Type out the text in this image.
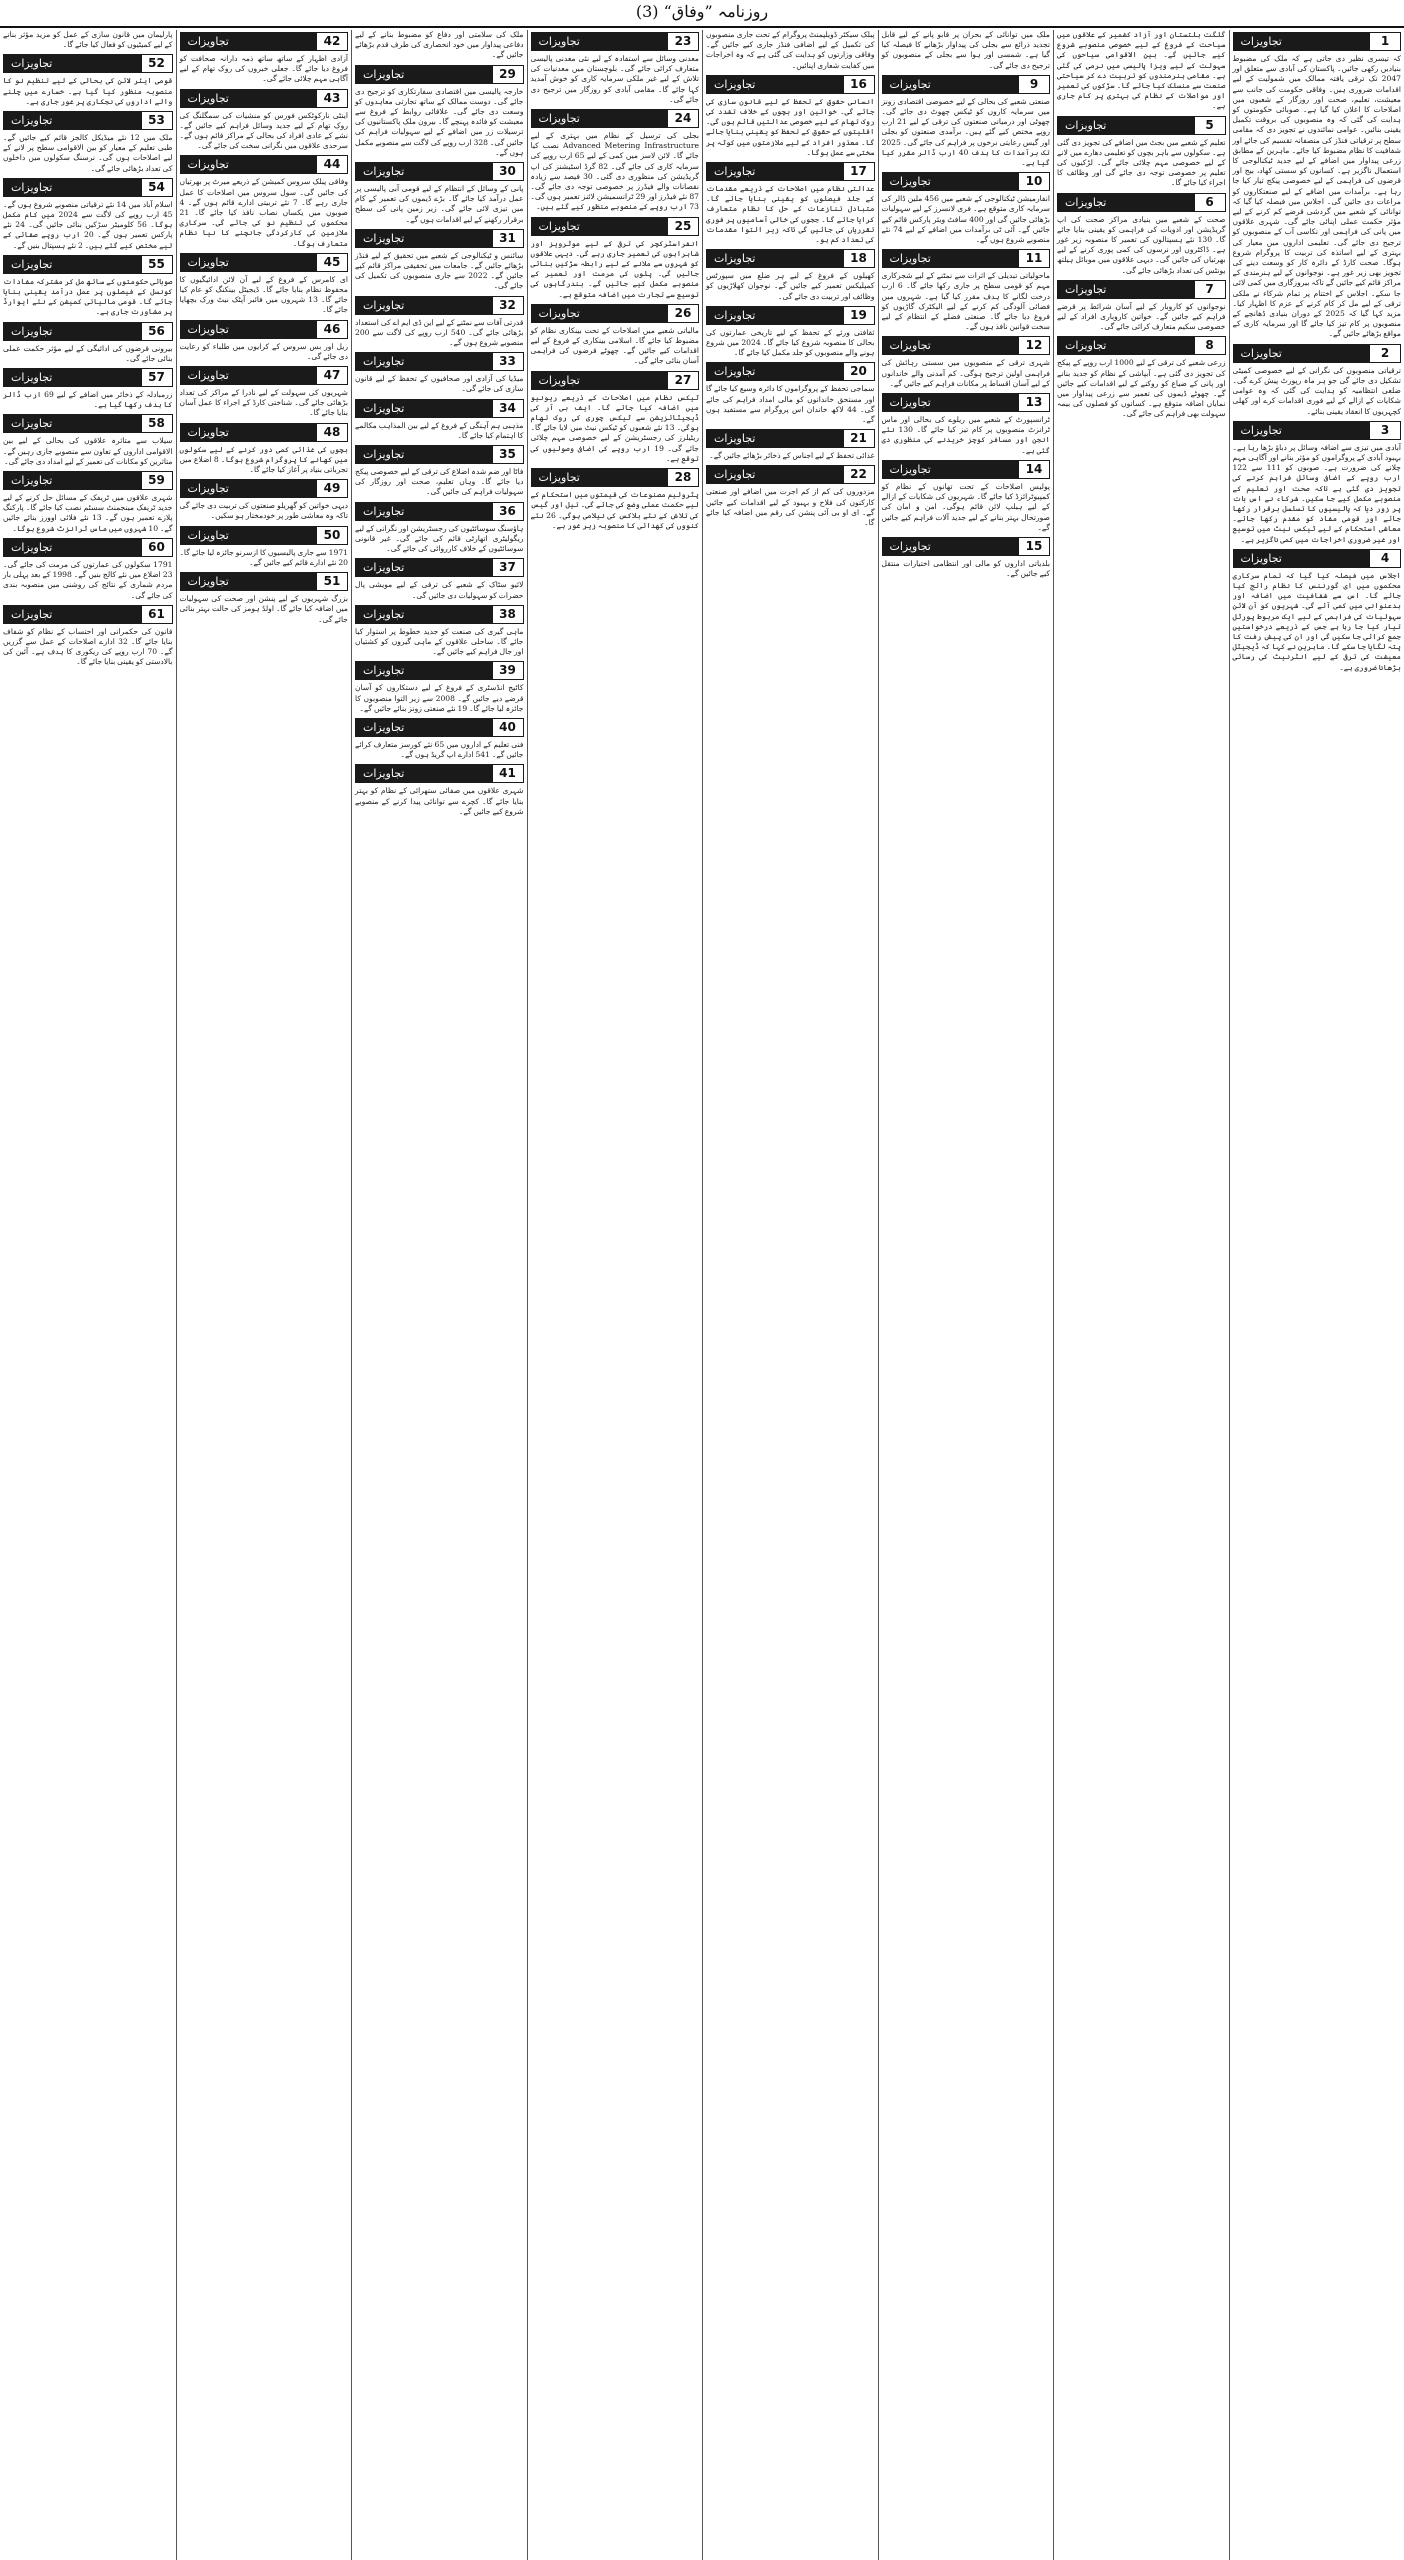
روزنامہ ”وفاق“ (3)
1
تجاویزات

کہ تیسری نظیر دی جاتی ہے کہ ملک کی مضبوط بنیادیں رکھی جائیں۔ پاکستان کی آبادی سے متعلق اور 2047 تک ترقی یافتہ ممالک میں شمولیت کے لیے اقدامات ضروری ہیں۔ وفاقی حکومت کی جانب سے معیشت، تعلیم، صحت اور روزگار کے شعبوں میں اصلاحات کا اعلان کیا گیا ہے۔ صوبائی حکومتوں کو ہدایت کی گئی کہ وہ منصوبوں کی بروقت تکمیل یقینی بنائیں۔ عوامی نمائندوں نے تجویز دی کہ مقامی سطح پر ترقیاتی فنڈز کی منصفانہ تقسیم کی جائے اور شفافیت کا نظام مضبوط کیا جائے۔ ماہرین کے مطابق زرعی پیداوار میں اضافے کے لیے جدید ٹیکنالوجی کا استعمال ناگزیر ہے۔ کسانوں کو سستی کھاد، بیج اور قرضوں کی فراہمی کے لیے خصوصی پیکج تیار کیا جا رہا ہے۔ برآمدات میں اضافے کے لیے صنعتکاروں کو مراعات دی جائیں گی۔ اجلاس میں فیصلہ کیا گیا کہ توانائی کے شعبے میں گردشی قرضے کم کرنے کے لیے مؤثر حکمت عملی اپنائی جائے گی۔ شہری علاقوں میں پانی کی فراہمی اور نکاسی آب کے منصوبوں کو ترجیح دی جائے گی۔ تعلیمی اداروں میں معیار کی بہتری کے لیے اساتذہ کی تربیت کا پروگرام شروع ہوگا۔ صحت کارڈ کے دائرہ کار کو وسعت دینے کی تجویز بھی زیر غور ہے۔ نوجوانوں کے لیے ہنرمندی کے مراکز قائم کیے جائیں گے تاکہ بیروزگاری میں کمی لائی جا سکے۔ اجلاس کے اختتام پر تمام شرکاء نے ملکی ترقی کے لیے مل کر کام کرنے کے عزم کا اظہار کیا۔ مزید کہا گیا کہ 2025 کے دوران بنیادی ڈھانچے کے منصوبوں پر کام تیز کیا جائے گا اور سرمایہ کاری کے مواقع بڑھائے جائیں گے۔

2
تجاویزات

ترقیاتی منصوبوں کی نگرانی کے لیے خصوصی کمیٹی تشکیل دی جائے گی جو ہر ماہ رپورٹ پیش کرے گی۔ ضلعی انتظامیہ کو ہدایت کی گئی کہ وہ عوامی شکایات کے ازالے کے لیے فوری اقدامات کرے اور کھلی کچہریوں کا انعقاد یقینی بنائے۔

3
تجاویزات

آبادی میں تیزی سے اضافہ وسائل پر دباؤ بڑھا رہا ہے۔ بہبود آبادی کے پروگراموں کو مؤثر بنانے اور آگاہی مہم چلانے کی ضرورت ہے۔ صوبوں کو 111 سے 122 ارب روپے کے اضافی وسائل فراہم کرنے کی تجویز دی گئی ہے تاکہ صحت اور تعلیم کے منصوبے مکمل کیے جا سکیں۔ شرکاء نے اس بات پر زور دیا کہ پالیسیوں کا تسلسل برقرار رکھا جائے اور قومی مفاد کو مقدم رکھا جائے۔ معاشی استحکام کے لیے ٹیکس نیٹ میں توسیع اور غیر ضروری اخراجات میں کمی ناگزیر ہے۔

4
تجاویزات

اجلاس میں فیصلہ کیا گیا کہ تمام سرکاری محکموں میں ای گورننس کا نظام رائج کیا جائے گا۔ اس سے شفافیت میں اضافہ اور بدعنوانی میں کمی آئے گی۔ شہریوں کو آن لائن سہولیات کی فراہمی کے لیے ایک مربوط پورٹل تیار کیا جا رہا ہے جس کے ذریعے درخواستیں جمع کرائی جا سکیں گی اور ان کی پیش رفت کا پتہ لگایا جا سکے گا۔ ماہرین نے کہا کہ ڈیجیٹل معیشت کی ترقی کے لیے انٹرنیٹ کی رسائی بڑھانا ضروری ہے۔

گلگت بلتستان اور آزاد کشمیر کے علاقوں میں سیاحت کے فروغ کے لیے خصوصی منصوبے شروع کیے جائیں گے۔ بین الاقوامی سیاحوں کی سہولت کے لیے ویزا پالیسی میں نرمی کی گئی ہے۔ مقامی ہنرمندوں کو تربیت دے کر سیاحتی صنعت سے منسلک کیا جائے گا۔ سڑکوں کی تعمیر اور مواصلات کے نظام کی بہتری پر کام جاری ہے۔

5
تجاویزات

تعلیم کے شعبے میں بجٹ میں اضافے کی تجویز دی گئی ہے۔ سکولوں سے باہر بچوں کو تعلیمی دھارے میں لانے کے لیے خصوصی مہم چلائی جائے گی۔ لڑکیوں کی تعلیم پر خصوصی توجہ دی جائے گی اور وظائف کا اجراء کیا جائے گا۔

6
تجاویزات

صحت کے شعبے میں بنیادی مراکز صحت کی اپ گریڈیشن اور ادویات کی فراہمی کو یقینی بنایا جائے گا۔ 130 نئے ہسپتالوں کی تعمیر کا منصوبہ زیر غور ہے۔ ڈاکٹروں اور نرسوں کی کمی پوری کرنے کے لیے بھرتیاں کی جائیں گی۔ دیہی علاقوں میں موبائل ہیلتھ یونٹس کی تعداد بڑھائی جائے گی۔

7
تجاویزات

نوجوانوں کو کاروبار کے لیے آسان شرائط پر قرضے فراہم کیے جائیں گے۔ خواتین کاروباری افراد کے لیے خصوصی سکیم متعارف کرائی جائے گی۔

8
تجاویزات

زرعی شعبے کی ترقی کے لیے 1000 ارب روپے کے پیکج کی تجویز دی گئی ہے۔ آبپاشی کے نظام کو جدید بنانے اور پانی کے ضیاع کو روکنے کے لیے اقدامات کیے جائیں گے۔ چھوٹے ڈیموں کی تعمیر سے زرعی پیداوار میں نمایاں اضافہ متوقع ہے۔ کسانوں کو فصلوں کی بیمہ سہولت بھی فراہم کی جائے گی۔

ملک میں توانائی کے بحران پر قابو پانے کے لیے قابل تجدید ذرائع سے بجلی کی پیداوار بڑھانے کا فیصلہ کیا گیا ہے۔ شمسی اور ہوا سے بجلی کے منصوبوں کو ترجیح دی جائے گی۔

9
تجاویزات

صنعتی شعبے کی بحالی کے لیے خصوصی اقتصادی زونز میں سرمایہ کاروں کو ٹیکس چھوٹ دی جائے گی۔ چھوٹی اور درمیانی صنعتوں کی ترقی کے لیے 21 ارب روپے مختص کیے گئے ہیں۔ برآمدی صنعتوں کو بجلی اور گیس رعایتی نرخوں پر فراہم کی جائے گی۔ 2025 تک برآمدات کا ہدف 40 ارب ڈالر مقرر کیا گیا ہے۔

10
تجاویزات

انفارمیشن ٹیکنالوجی کے شعبے میں 456 ملین ڈالر کی سرمایہ کاری متوقع ہے۔ فری لانسرز کے لیے سہولیات بڑھائی جائیں گی اور 400 سافٹ ویئر پارکس قائم کیے جائیں گے۔ آئی ٹی برآمدات میں اضافے کے لیے 74 نئے منصوبے شروع ہوں گے۔

11
تجاویزات

ماحولیاتی تبدیلی کے اثرات سے نمٹنے کے لیے شجرکاری مہم کو قومی سطح پر جاری رکھا جائے گا۔ 6 ارب درخت لگانے کا ہدف مقرر کیا گیا ہے۔ شہروں میں فضائی آلودگی کم کرنے کے لیے الیکٹرک گاڑیوں کو فروغ دیا جائے گا۔ صنعتی فضلے کے انتظام کے لیے سخت قوانین نافذ ہوں گے۔

12
تجاویزات

شہری ترقی کے منصوبوں میں سستی رہائش کی فراہمی اولین ترجیح ہوگی۔ کم آمدنی والے خاندانوں کے لیے آسان اقساط پر مکانات فراہم کیے جائیں گے۔

13
تجاویزات

ٹرانسپورٹ کے شعبے میں ریلوے کی بحالی اور ماس ٹرانزٹ منصوبوں پر کام تیز کیا جائے گا۔ 130 نئے انجن اور مسافر کوچز خریدنے کی منظوری دی گئی ہے۔

14
تجاویزات

پولیس اصلاحات کے تحت تھانوں کے نظام کو کمپیوٹرائزڈ کیا جائے گا۔ شہریوں کی شکایات کے ازالے کے لیے ہیلپ لائن قائم ہوگی۔ امن و امان کی صورتحال بہتر بنانے کے لیے جدید آلات فراہم کیے جائیں گے۔

15
تجاویزات

بلدیاتی اداروں کو مالی اور انتظامی اختیارات منتقل کیے جائیں گے۔

پبلک سیکٹر ڈویلپمنٹ پروگرام کے تحت جاری منصوبوں کی تکمیل کے لیے اضافی فنڈز جاری کیے جائیں گے۔ وفاقی وزارتوں کو ہدایت کی گئی ہے کہ وہ اخراجات میں کفایت شعاری اپنائیں۔

16
تجاویزات

انسانی حقوق کے تحفظ کے لیے قانون سازی کی جائے گی۔ خواتین اور بچوں کے خلاف تشدد کی روک تھام کے لیے خصوصی عدالتیں قائم ہوں گی۔ اقلیتوں کے حقوق کے تحفظ کو یقینی بنایا جائے گا۔ معذور افراد کے لیے ملازمتوں میں کوٹہ پر سختی سے عمل ہوگا۔

17
تجاویزات

عدالتی نظام میں اصلاحات کے ذریعے مقدمات کے جلد فیصلوں کو یقینی بنایا جائے گا۔ متبادل تنازعات کے حل کا نظام متعارف کرایا جائے گا۔ ججوں کی خالی آسامیوں پر فوری تقرریاں کی جائیں گی تاکہ زیر التوا مقدمات کی تعداد کم ہو۔

18
تجاویزات

کھیلوں کے فروغ کے لیے ہر ضلع میں سپورٹس کمپلیکس تعمیر کیے جائیں گے۔ نوجوان کھلاڑیوں کو وظائف اور تربیت دی جائے گی۔

19
تجاویزات

ثقافتی ورثے کے تحفظ کے لیے تاریخی عمارتوں کی بحالی کا منصوبہ شروع کیا جائے گا۔ 2024 میں شروع ہونے والے منصوبوں کو جلد مکمل کیا جائے گا۔

20
تجاویزات

سماجی تحفظ کے پروگراموں کا دائرہ وسیع کیا جائے گا اور مستحق خاندانوں کو مالی امداد فراہم کی جائے گی۔ 44 لاکھ خاندان اس پروگرام سے مستفید ہوں گے۔

21
تجاویزات

غذائی تحفظ کے لیے اجناس کے ذخائر بڑھائے جائیں گے۔

22
تجاویزات

مزدوروں کی کم از کم اجرت میں اضافے اور صنعتی کارکنوں کی فلاح و بہبود کے لیے اقدامات کیے جائیں گے۔ ای او بی آئی پنشن کی رقم میں اضافہ کیا جائے گا۔

23
تجاویزات

معدنی وسائل سے استفادہ کے لیے نئی معدنی پالیسی متعارف کرائی جائے گی۔ بلوچستان میں معدنیات کی تلاش کے لیے غیر ملکی سرمایہ کاری کو خوش آمدید کہا جائے گا۔ مقامی آبادی کو روزگار میں ترجیح دی جائے گی۔

24
تجاویزات

بجلی کی ترسیل کے نظام میں بہتری کے لیے Advanced Metering Infrastructure نصب کیا جائے گا۔ لائن لاسز میں کمی کے لیے 65 ارب روپے کی سرمایہ کاری کی جائے گی۔ 82 گرڈ اسٹیشنز کی اپ گریڈیشن کی منظوری دی گئی۔ 30 فیصد سے زیادہ نقصانات والے فیڈرز پر خصوصی توجہ دی جائے گی۔ 87 نئے فیڈرز اور 29 ٹرانسمیشن لائنز تعمیر ہوں گی۔ 73 ارب روپے کے منصوبے منظور کیے گئے ہیں۔

25
تجاویزات

انفراسٹرکچر کی ترقی کے لیے موٹرویز اور شاہراہوں کی تعمیر جاری رہے گی۔ دیہی علاقوں کو شہروں سے ملانے کے لیے رابطہ سڑکیں بنائی جائیں گی۔ پلوں کی مرمت اور تعمیر کے منصوبے مکمل کیے جائیں گے۔ بندرگاہوں کی توسیع سے تجارت میں اضافہ متوقع ہے۔

26
تجاویزات

مالیاتی شعبے میں اصلاحات کے تحت بینکاری نظام کو مضبوط کیا جائے گا۔ اسلامی بینکاری کے فروغ کے لیے اقدامات کیے جائیں گے۔ چھوٹے قرضوں کی فراہمی آسان بنائی جائے گی۔

27
تجاویزات

ٹیکس نظام میں اصلاحات کے ذریعے ریونیو میں اضافہ کیا جائے گا۔ ایف بی آر کی ڈیجیٹائزیشن سے ٹیکس چوری کی روک تھام ہوگی۔ 13 نئے شعبوں کو ٹیکس نیٹ میں لایا جائے گا۔ ریٹیلرز کی رجسٹریشن کے لیے خصوصی مہم چلائی جائے گی۔ 19 ارب روپے کی اضافی وصولیوں کی توقع ہے۔

28
تجاویزات

پٹرولیم مصنوعات کی قیمتوں میں استحکام کے لیے حکمت عملی وضع کی جائے گی۔ تیل اور گیس کی تلاش کے نئے بلاکس کی نیلامی ہوگی۔ 26 نئے کنووں کی کھدائی کا منصوبہ زیر غور ہے۔

ملک کی سلامتی اور دفاع کو مضبوط بنانے کے لیے دفاعی پیداوار میں خود انحصاری کی طرف قدم بڑھائے جائیں گے۔

29
تجاویزات

خارجہ پالیسی میں اقتصادی سفارتکاری کو ترجیح دی جائے گی۔ دوست ممالک کے ساتھ تجارتی معاہدوں کو وسعت دی جائے گی۔ علاقائی روابط کے فروغ سے معیشت کو فائدہ پہنچے گا۔ بیرون ملک پاکستانیوں کی ترسیلات زر میں اضافے کے لیے سہولیات فراہم کی جائیں گی۔ 328 ارب روپے کی لاگت سے منصوبے مکمل ہوں گے۔

30
تجاویزات

پانی کے وسائل کے انتظام کے لیے قومی آبی پالیسی پر عمل درآمد کیا جائے گا۔ بڑے ڈیموں کی تعمیر کے کام میں تیزی لائی جائے گی۔ زیر زمین پانی کی سطح برقرار رکھنے کے لیے اقدامات ہوں گے۔

31
تجاویزات

سائنس و ٹیکنالوجی کے شعبے میں تحقیق کے لیے فنڈز بڑھائے جائیں گے۔ جامعات میں تحقیقی مراکز قائم کیے جائیں گے۔ 2022 سے جاری منصوبوں کی تکمیل کی جائے گی۔

32
تجاویزات

قدرتی آفات سے نمٹنے کے لیے این ڈی ایم اے کی استعداد بڑھائی جائے گی۔ 540 ارب روپے کی لاگت سے 200 منصوبے شروع ہوں گے۔

33
تجاویزات

میڈیا کی آزادی اور صحافیوں کے تحفظ کے لیے قانون سازی کی جائے گی۔

34
تجاویزات

مذہبی ہم آہنگی کے فروغ کے لیے بین المذاہب مکالمے کا اہتمام کیا جائے گا۔

35
تجاویزات

فاٹا اور ضم شدہ اضلاع کی ترقی کے لیے خصوصی پیکج دیا جائے گا۔ وہاں تعلیم، صحت اور روزگار کی سہولیات فراہم کی جائیں گی۔

36
تجاویزات

ہاؤسنگ سوسائٹیوں کی رجسٹریشن اور نگرانی کے لیے ریگولیٹری اتھارٹی قائم کی جائے گی۔ غیر قانونی سوسائٹیوں کے خلاف کارروائی کی جائے گی۔

37
تجاویزات

لائیو سٹاک کے شعبے کی ترقی کے لیے مویشی پال حضرات کو سہولیات دی جائیں گی۔

38
تجاویزات

ماہی گیری کی صنعت کو جدید خطوط پر استوار کیا جائے گا۔ ساحلی علاقوں کے ماہی گیروں کو کشتیاں اور جال فراہم کیے جائیں گے۔

39
تجاویزات

کاٹیج انڈسٹری کے فروغ کے لیے دستکاروں کو آسان قرضے دیے جائیں گے۔ 2008 سے زیر التوا منصوبوں کا جائزہ لیا جائے گا۔ 19 نئے صنعتی زونز بنائے جائیں گے۔

40
تجاویزات

فنی تعلیم کے اداروں میں 65 نئے کورسز متعارف کرائے جائیں گے۔ 541 ادارے اپ گریڈ ہوں گے۔

41
تجاویزات

شہری علاقوں میں صفائی ستھرائی کے نظام کو بہتر بنایا جائے گا۔ کچرے سے توانائی پیدا کرنے کے منصوبے شروع کیے جائیں گے۔

42
تجاویزات

آزادی اظہار کے ساتھ ساتھ ذمہ دارانہ صحافت کو فروغ دیا جائے گا۔ جعلی خبروں کی روک تھام کے لیے آگاہی مہم چلائی جائے گی۔

43
تجاویزات

اینٹی نارکوٹکس فورس کو منشیات کی سمگلنگ کی روک تھام کے لیے جدید وسائل فراہم کیے جائیں گے۔ نشے کے عادی افراد کی بحالی کے مراکز قائم ہوں گے۔ سرحدی علاقوں میں نگرانی سخت کی جائے گی۔

44
تجاویزات

وفاقی پبلک سروس کمیشن کے ذریعے میرٹ پر بھرتیاں کی جائیں گی۔ سول سروس میں اصلاحات کا عمل جاری رہے گا۔ 7 نئے تربیتی ادارے قائم ہوں گے۔ 4 صوبوں میں یکساں نصاب نافذ کیا جائے گا۔ 21 محکموں کی تنظیم نو کی جائے گی۔ سرکاری ملازمین کی کارکردگی جانچنے کا نیا نظام متعارف ہوگا۔

45
تجاویزات

ای کامرس کے فروغ کے لیے آن لائن ادائیگیوں کا محفوظ نظام بنایا جائے گا۔ ڈیجیٹل بینکنگ کو عام کیا جائے گا۔ 13 شہروں میں فائبر آپٹک نیٹ ورک بچھایا جائے گا۔

46
تجاویزات

ریل اور بس سروس کے کرایوں میں طلباء کو رعایت دی جائے گی۔

47
تجاویزات

شہریوں کی سہولت کے لیے نادرا کے مراکز کی تعداد بڑھائی جائے گی۔ شناختی کارڈ کے اجراء کا عمل آسان بنایا جائے گا۔

48
تجاویزات

بچوں کی غذائی کمی دور کرنے کے لیے سکولوں میں کھانے کا پروگرام شروع ہوگا۔ 8 اضلاع میں تجرباتی بنیاد پر آغاز کیا جائے گا۔

49
تجاویزات

دیہی خواتین کو گھریلو صنعتوں کی تربیت دی جائے گی تاکہ وہ معاشی طور پر خودمختار ہو سکیں۔

50
تجاویزات

1971 سے جاری پالیسیوں کا ازسرنو جائزہ لیا جائے گا۔ 20 نئے ادارے قائم کیے جائیں گے۔

51
تجاویزات

بزرگ شہریوں کے لیے پنشن اور صحت کی سہولیات میں اضافہ کیا جائے گا۔ اولڈ ہومز کی حالت بہتر بنائی جائے گی۔

پارلیمان میں قانون سازی کے عمل کو مزید مؤثر بنانے کے لیے کمیٹیوں کو فعال کیا جائے گا۔

52
تجاویزات

قومی ایئر لائن کی بحالی کے لیے تنظیم نو کا منصوبہ منظور کیا گیا ہے۔ خسارے میں چلنے والے اداروں کی نجکاری پر غور جاری ہے۔

53
تجاویزات

ملک میں 12 نئے میڈیکل کالجز قائم کیے جائیں گے۔ طبی تعلیم کے معیار کو بین الاقوامی سطح پر لانے کے لیے اصلاحات ہوں گی۔ نرسنگ سکولوں میں داخلوں کی تعداد بڑھائی جائے گی۔

54
تجاویزات

اسلام آباد میں 14 نئے ترقیاتی منصوبے شروع ہوں گے۔ 45 ارب روپے کی لاگت سے 2024 میں کام مکمل ہوگا۔ 56 کلومیٹر سڑکیں بنائی جائیں گی۔ 24 نئے پارکس تعمیر ہوں گے۔ 20 ارب روپے صفائی کے لیے مختص کیے گئے ہیں۔ 2 نئے ہسپتال بنیں گے۔

55
تجاویزات

صوبائی حکومتوں کے ساتھ مل کر مشترکہ مفادات کونسل کے فیصلوں پر عمل درآمد یقینی بنایا جائے گا۔ قومی مالیاتی کمیشن کے نئے ایوارڈ پر مشاورت جاری ہے۔

56
تجاویزات

بیرونی قرضوں کی ادائیگی کے لیے مؤثر حکمت عملی بنائی جائے گی۔

57
تجاویزات

زرمبادلہ کے ذخائر میں اضافے کے لیے 69 ارب ڈالر کا ہدف رکھا گیا ہے۔

58
تجاویزات

سیلاب سے متاثرہ علاقوں کی بحالی کے لیے بین الاقوامی اداروں کے تعاون سے منصوبے جاری رہیں گے۔ متاثرین کو مکانات کی تعمیر کے لیے امداد دی جائے گی۔

59
تجاویزات

شہری علاقوں میں ٹریفک کے مسائل حل کرنے کے لیے جدید ٹریفک مینجمنٹ سسٹم نصب کیا جائے گا۔ پارکنگ پلازے تعمیر ہوں گے۔ 13 نئے فلائی اوورز بنائے جائیں گے۔ 10 شہروں میں ماس ٹرانزٹ شروع ہوگا۔

60
تجاویزات

1791 سکولوں کی عمارتوں کی مرمت کی جائے گی۔ 23 اضلاع میں نئے کالج بنیں گے۔ 1998 کے بعد پہلی بار مردم شماری کے نتائج کی روشنی میں منصوبہ بندی کی جائے گی۔

61
تجاویزات

قانون کی حکمرانی اور احتساب کے نظام کو شفاف بنایا جائے گا۔ 32 ادارے اصلاحات کے عمل سے گزریں گے۔ 70 ارب روپے کی ریکوری کا ہدف ہے۔ آئین کی بالادستی کو یقینی بنایا جائے گا۔
